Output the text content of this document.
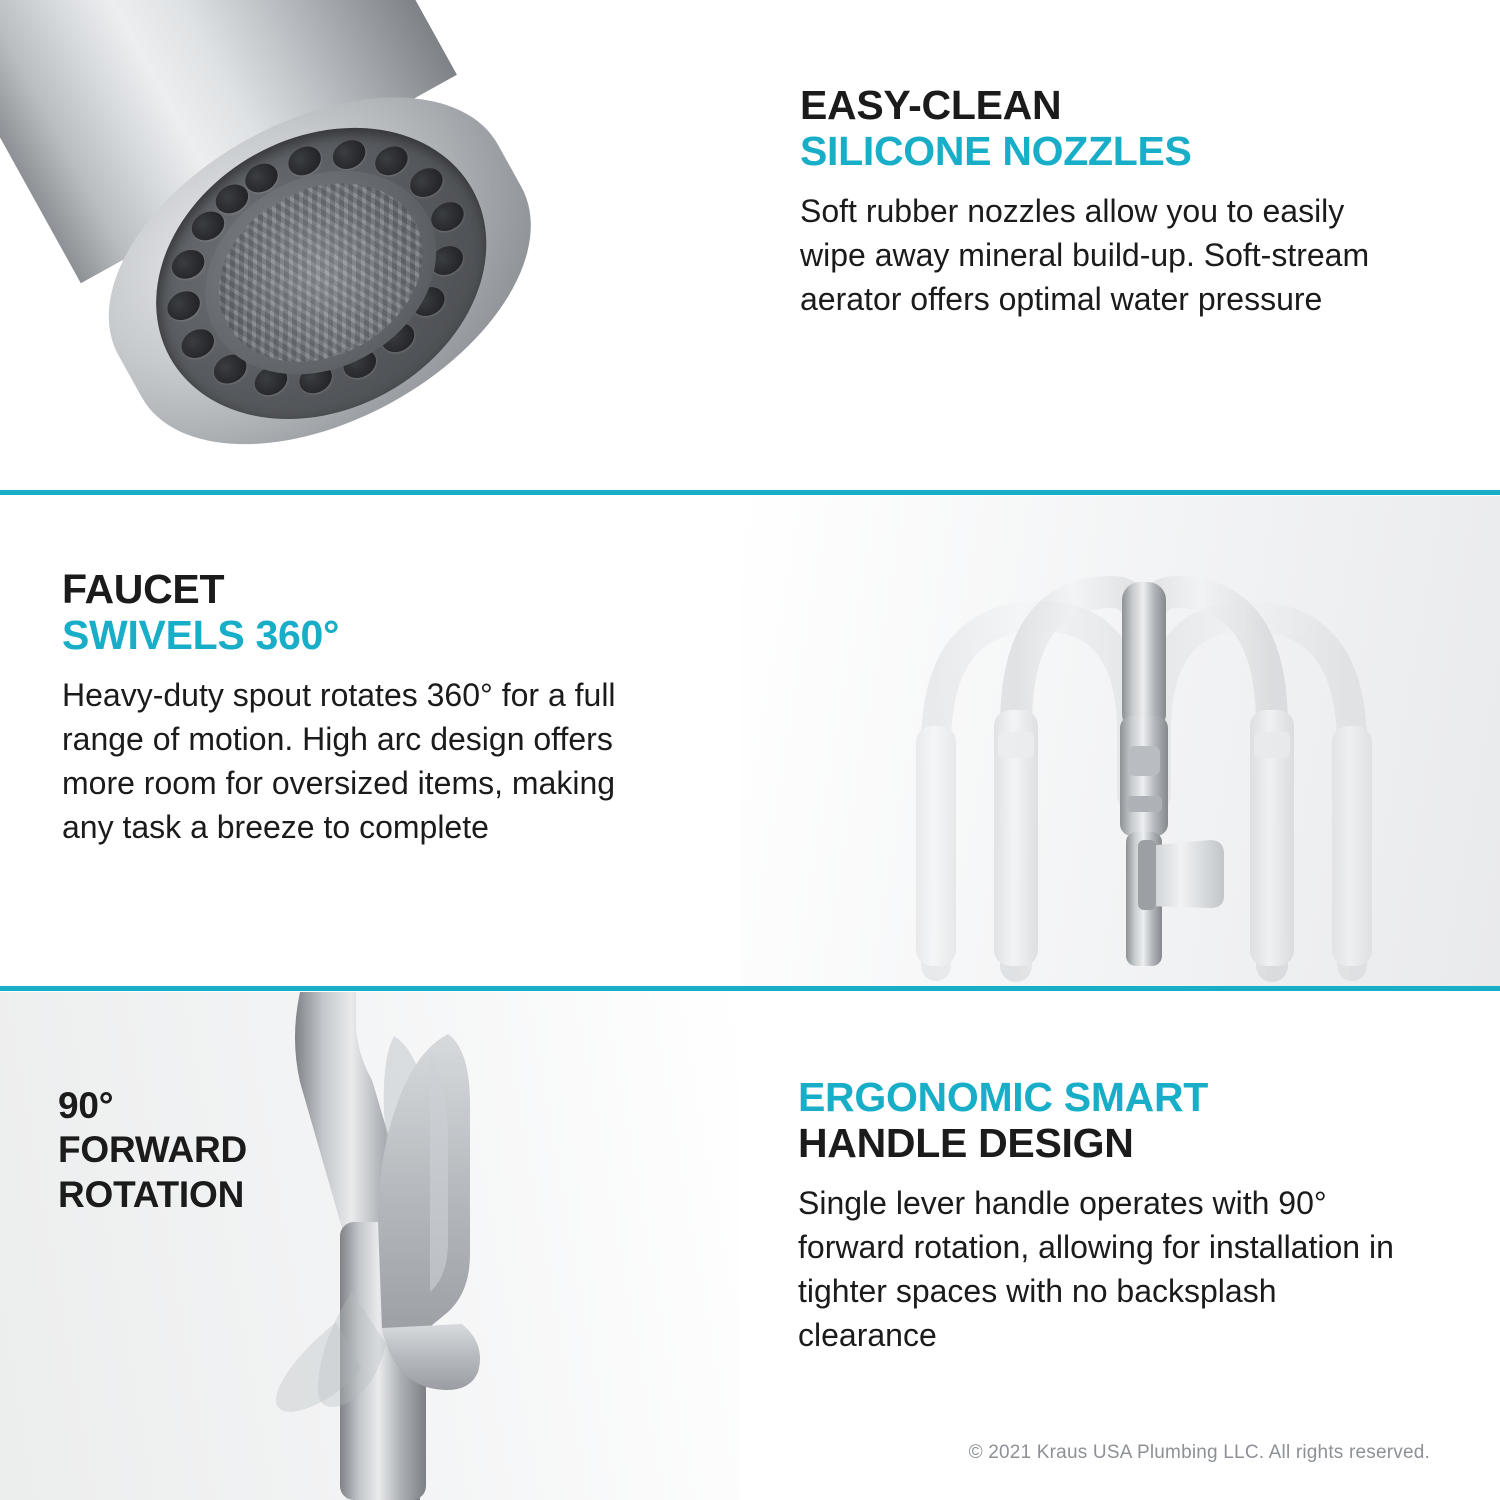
EASY-CLEAN
SILICONE NOZZLES

Soft rubber nozzles allow you to easily wipe away mineral build-up. Soft-stream aerator offers optimal water pressure

FAUCET
SWIVELS 360°

Heavy-duty spout rotates 360° for a full range of motion. High arc design offers more room for oversized items, making any task a breeze to complete

90°
FORWARD
ROTATION
ERGONOMIC SMART
HANDLE DESIGN

Single lever handle operates with 90° forward rotation, allowing for installation in tighter spaces with no backsplash clearance

© 2021 Kraus USA Plumbing LLC. All rights reserved.
